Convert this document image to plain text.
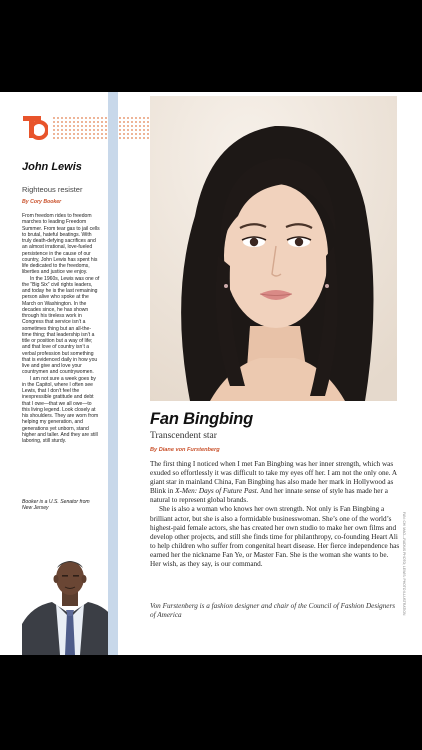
John Lewis
Righteous resister
By Cory Booker

From freedom rides to freedom marches to leading Freedom Summer. From tear gas to jail cells to brutal, hateful beatings. With truly death-defying sacrifices and an almost irrational, love-fueled persistence in the cause of our country, John Lewis has spent his life dedicated to the freedoms, liberties and justice we enjoy.

In the 1960s, Lewis was one of the “Big Six” civil rights leaders, and today he is the last remaining person alive who spoke at the March on Washington. In the decades since, he has shown through his tireless work in Congress that service isn’t a sometimes thing but an all-the-time thing; that leadership isn’t a title or position but a way of life; and that love of country isn’t a verbal profession but something that is evidenced daily in how you live and give and love your countrymen and countrywomen.

I am not sure a week goes by in the Capitol, where I often see Lewis, that I don’t feel the inexpressible gratitude and debt that I owe—that we all owe—to this living legend. Look closely at his shoulders. They are worn from helping my generation, and generations yet unborn, stand higher and taller. And they are still laboring, still sturdy.

Booker is a U.S. Senator from New Jersey
Fan Bingbing
Transcendent star
By Diane von Furstenberg

The first thing I noticed when I met Fan Bingbing was her inner strength, which was exuded so effortlessly it was difficult to take my eyes off her. I am not the only one. A giant star in mainland China, Fan Bingbing has also made her mark in Hollywood as Blink in X-Men: Days of Future Past. And her innate sense of style has made her a natural to represent global brands.

She is also a woman who knows her own strength. Not only is Fan Bingbing a brilliant actor, but she is also a formidable businesswoman. She’s one of the world’s highest-paid female actors, she has created her own studio to make her own films and develop other projects, and still she finds time for philanthropy, co-founding Heart Ali to help children who suffer from congenital heart disease. Her fierce independence has earned her the nickname Fan Ye, or Master Fan. She is the woman she wants to be. Her wish, as they say, is our command.

Von Furstenberg is a fashion designer and chair of the Council of Fashion Designers of America	FAN: CHI MAO—RADIUS PHOTO; LEWIS: PHOTO ILLUSTRATION
